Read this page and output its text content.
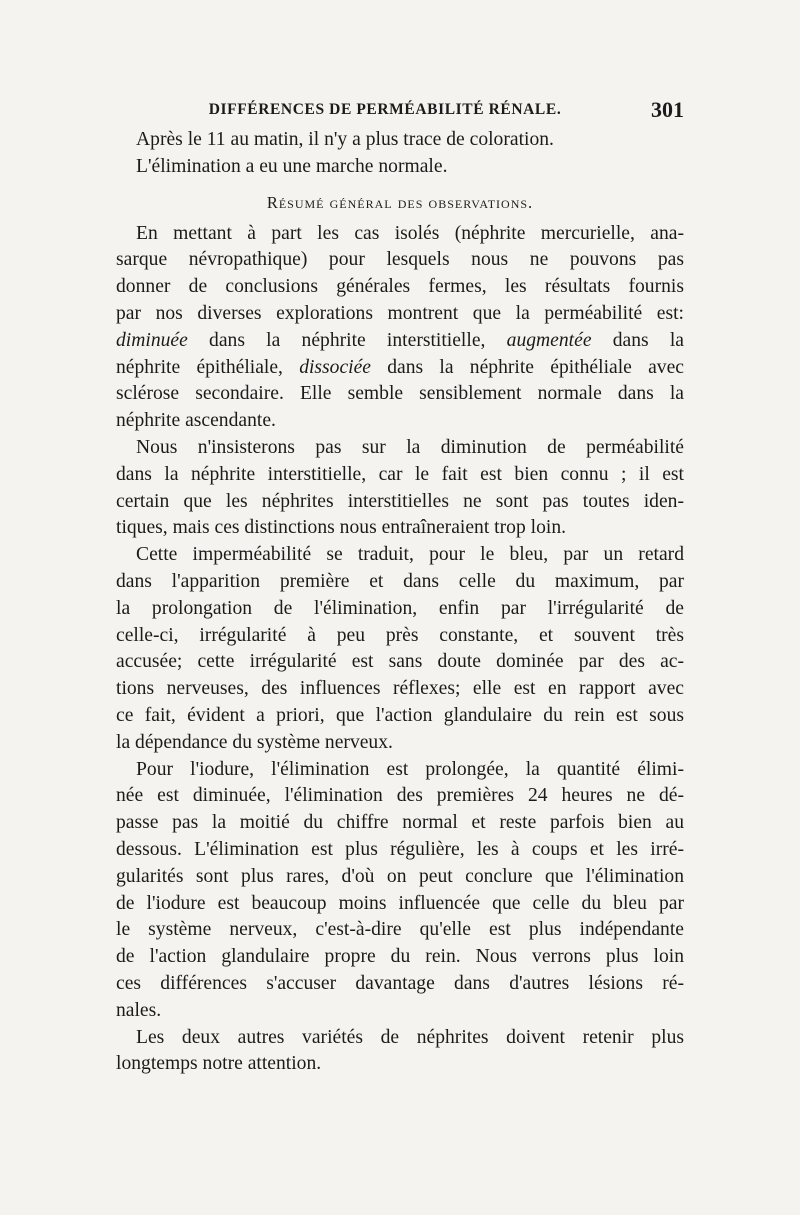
DIFFÉRENCES DE PERMÉABILITÉ RÉNALE.	301
Après le 11 au matin, il n'y a plus trace de coloration.
L'élimination a eu une marche normale.
Résumé général des observations.
En mettant à part les cas isolés (néphrite mercurielle, ana-
sarque névropathique) pour lesquels nous ne pouvons pas
donner de conclusions générales fermes, les résultats fournis
par nos diverses explorations montrent que la perméabilité est:
diminuée dans la néphrite interstitielle, augmentée dans la
néphrite épithéliale, dissociée dans la néphrite épithéliale avec
sclérose secondaire. Elle semble sensiblement normale dans la
néphrite ascendante.
Nous n'insisterons pas sur la diminution de perméabilité
dans la néphrite interstitielle, car le fait est bien connu ; il est
certain que les néphrites interstitielles ne sont pas toutes iden-
tiques, mais ces distinctions nous entraîneraient trop loin.
Cette imperméabilité se traduit, pour le bleu, par un retard
dans l'apparition première et dans celle du maximum, par
la prolongation de l'élimination, enfin par l'irrégularité de
celle-ci, irrégularité à peu près constante, et souvent très
accusée; cette irrégularité est sans doute dominée par des ac-
tions nerveuses, des influences réflexes; elle est en rapport avec
ce fait, évident a priori, que l'action glandulaire du rein est sous
la dépendance du système nerveux.
Pour l'iodure, l'élimination est prolongée, la quantité élimi-
née est diminuée, l'élimination des premières 24 heures ne dé-
passe pas la moitié du chiffre normal et reste parfois bien au
dessous. L'élimination est plus régulière, les à coups et les irré-
gularités sont plus rares, d'où on peut conclure que l'élimination
de l'iodure est beaucoup moins influencée que celle du bleu par
le système nerveux, c'est-à-dire qu'elle est plus indépendante
de l'action glandulaire propre du rein. Nous verrons plus loin
ces différences s'accuser davantage dans d'autres lésions ré-
nales.
Les deux autres variétés de néphrites doivent retenir plus
longtemps notre attention.
